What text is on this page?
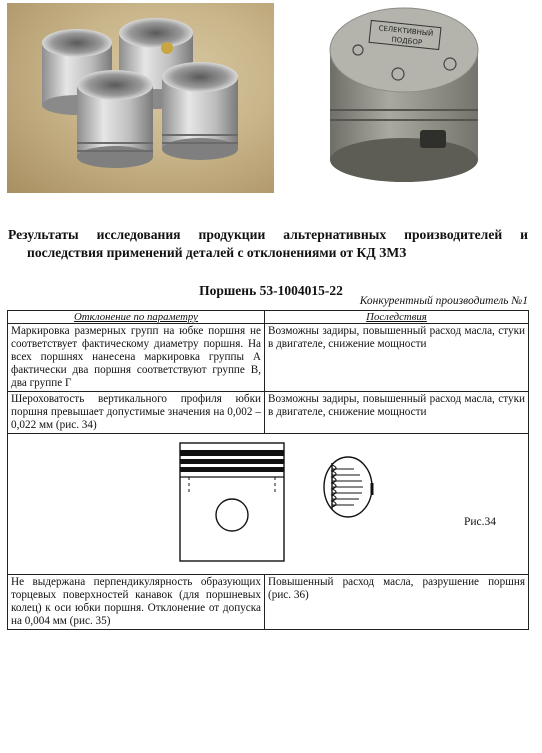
СЕЛЕКТИВНЫЙ
ПОДБОР
Результаты исследования продукции альтернативных производителей и
последствия применений деталей с отклонениями от КД ЗМЗ
Поршень 53-1004015-22
Конкурентный производитель №1
Отклонение по параметру	Последствия
Маркировка размерных групп на юбке поршня не соответствует фактическому диаметру поршня. На всех поршнях нанесена маркировка группы А фактически два поршня соответствуют группе В, два группе Г	Возможны задиры, повышенный расход масла, стуки в двигателе, снижение мощности
Шероховатость вертикального профиля юбки поршня превышает допустимые значения на 0,002 – 0,022 мм (рис. 34)	Возможны задиры, повышенный расход масла, стуки в двигателе, снижение мощности

Рис.34	

Не выдержана перпендикулярность образующих торцевых поверхностей канавок (для поршневых колец) к оси юбки поршня. Отклонение от допуска на 0,004 мм (рис. 35)	Повышенный расход масла, разрушение поршня (рис. 36)
